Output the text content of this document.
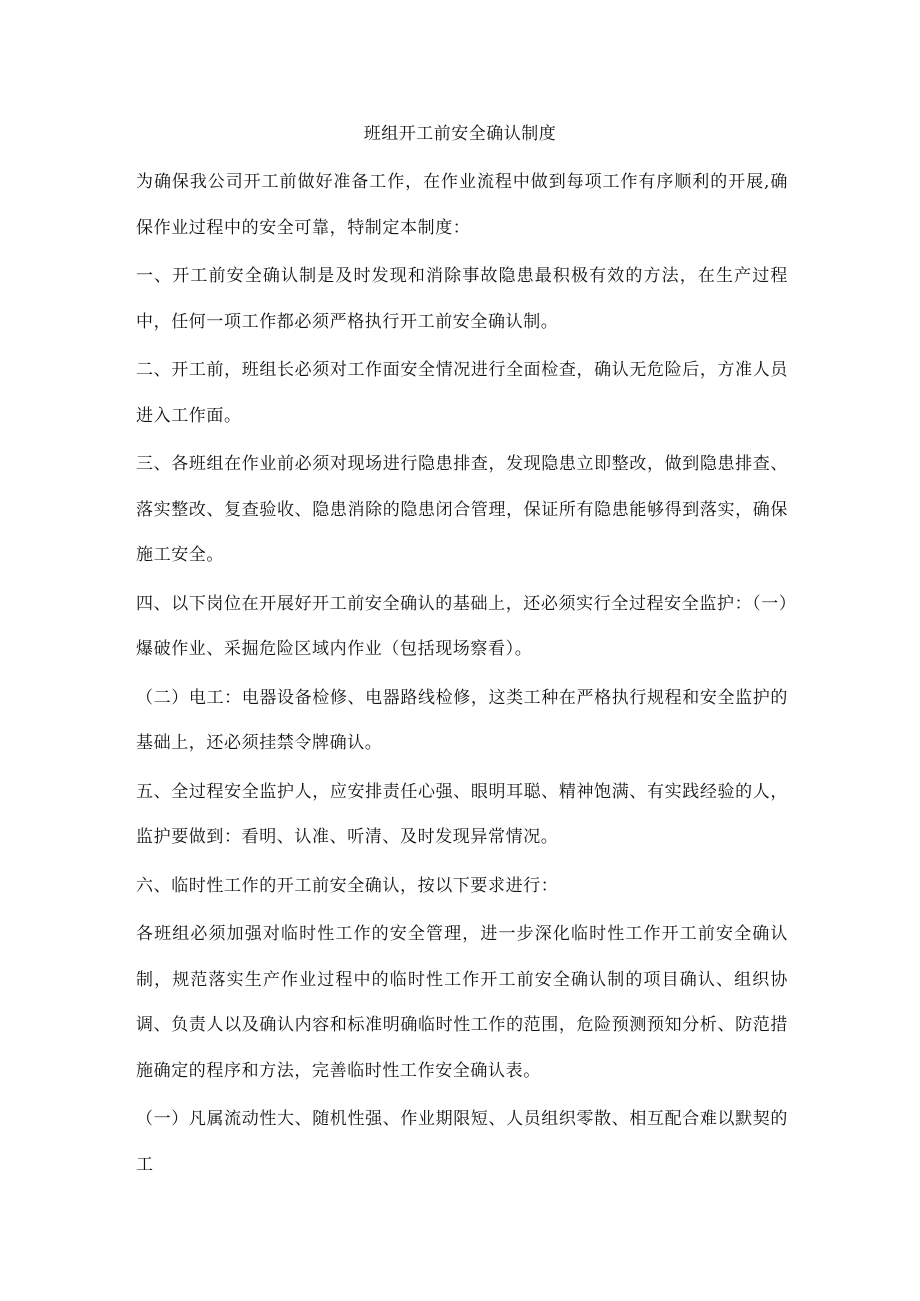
班组开工前安全确认制度

为确保我公司开工前做好准备工作，在作业流程中做到每项工作有序顺利的开展,确保作业过程中的安全可靠，特制定本制度：

一、开工前安全确认制是及时发现和消除事故隐患最积极有效的方法，在生产过程中，任何一项工作都必须严格执行开工前安全确认制。

二、开工前，班组长必须对工作面安全情况进行全面检查，确认无危险后，方准人员进入工作面。

三、各班组在作业前必须对现场进行隐患排查，发现隐患立即整改，做到隐患排查、落实整改、复查验收、隐患消除的隐患闭合管理，保证所有隐患能够得到落实，确保施工安全。

四、以下岗位在开展好开工前安全确认的基础上，还必须实行全过程安全监护：（一）爆破作业、采掘危险区域内作业（包括现场察看）。

（二）电工：电器设备检修、电器路线检修，这类工种在严格执行规程和安全监护的基础上，还必须挂禁令牌确认。

五、全过程安全监护人，应安排责任心强、眼明耳聪、精神饱满、有实践经验的人，监护要做到：看明、认准、听清、及时发现异常情况。

六、临时性工作的开工前安全确认，按以下要求进行：

各班组必须加强对临时性工作的安全管理，进一步深化临时性工作开工前安全确认制，规范落实生产作业过程中的临时性工作开工前安全确认制的项目确认、组织协调、负责人以及确认内容和标准明确临时性工作的范围，危险预测预知分析、防范措施确定的程序和方法，完善临时性工作安全确认表。

（一）凡属流动性大、随机性强、作业期限短、人员组织零散、相互配合难以默契的工
